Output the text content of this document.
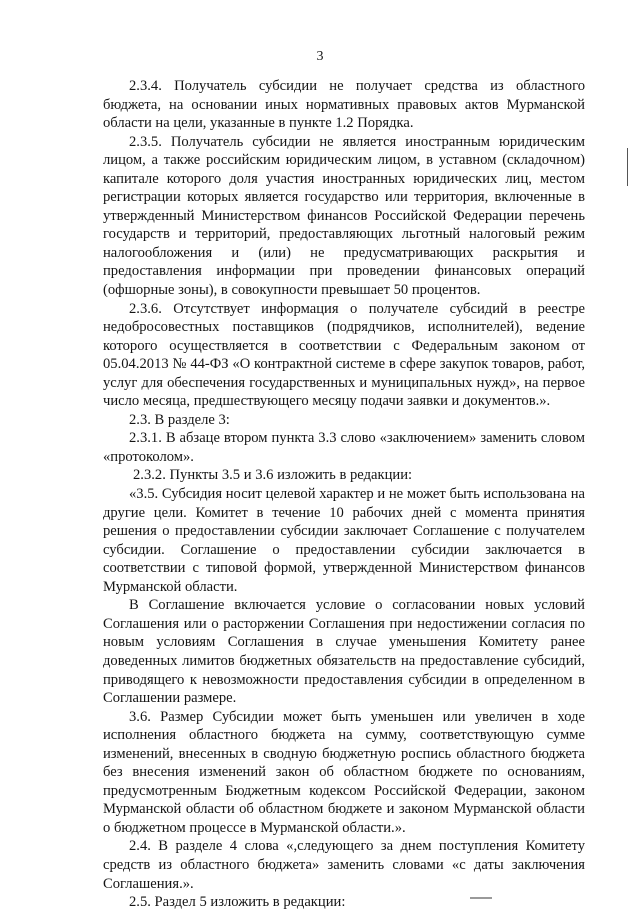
3

2.3.4. Получатель субсидии не получает средства из областного бюджета, на основании иных нормативных правовых актов Мурманской области на цели, указанные в пункте 1.2 Порядка.

2.3.5. Получатель субсидии не является иностранным юридическим лицом, а также российским юридическим лицом, в уставном (складочном) капитале которого доля участия иностранных юридических лиц, местом регистрации которых является государство или территория, включенные в утвержденный Министерством финансов Российской Федерации перечень государств и территорий, предоставляющих льготный налоговый режим налогообложения и (или) не предусматривающих раскрытия и предоставления информации при проведении финансовых операций (офшорные зоны), в совокупности превышает 50 процентов.

2.3.6. Отсутствует информация о получателе субсидий в реестре недобросовестных поставщиков (подрядчиков, исполнителей), ведение которого осуществляется в соответствии с Федеральным законом от 05.04.2013 № 44-ФЗ «О контрактной системе в сфере закупок товаров, работ, услуг для обеспечения государственных и муниципальных нужд», на первое число месяца, предшествующего месяцу подачи заявки и документов.».

2.3. В разделе 3:

2.3.1. В абзаце втором пункта 3.3 слово «заключением» заменить словом «протоколом».

2.3.2. Пункты 3.5 и 3.6 изложить в редакции:

«3.5. Субсидия носит целевой характер и не может быть использована на другие цели. Комитет в течение 10 рабочих дней с момента принятия решения о предоставлении субсидии заключает Соглашение с получателем субсидии. Соглашение о предоставлении субсидии заключается в соответствии с типовой формой, утвержденной Министерством финансов Мурманской области.

В Соглашение включается условие о согласовании новых условий Соглашения или о расторжении Соглашения при недостижении согласия по новым условиям Соглашения в случае уменьшения Комитету ранее доведенных лимитов бюджетных обязательств на предоставление субсидий, приводящего к невозможности предоставления субсидии в определенном в Соглашении размере.

3.6. Размер Субсидии может быть уменьшен или увеличен в ходе исполнения областного бюджета на сумму, соответствующую сумме изменений, внесенных в сводную бюджетную роспись областного бюджета без внесения изменений закон об областном бюджете по основаниям, предусмотренным Бюджетным кодексом Российской Федерации, законом Мурманской области об областном бюджете и законом Мурманской области о бюджетном процессе в Мурманской области.».

2.4. В разделе 4 слова «,следующего за днем поступления Комитету средств из областного бюджета» заменить словами «с даты заключения Соглашения.».

2.5. Раздел 5 изложить в редакции:
